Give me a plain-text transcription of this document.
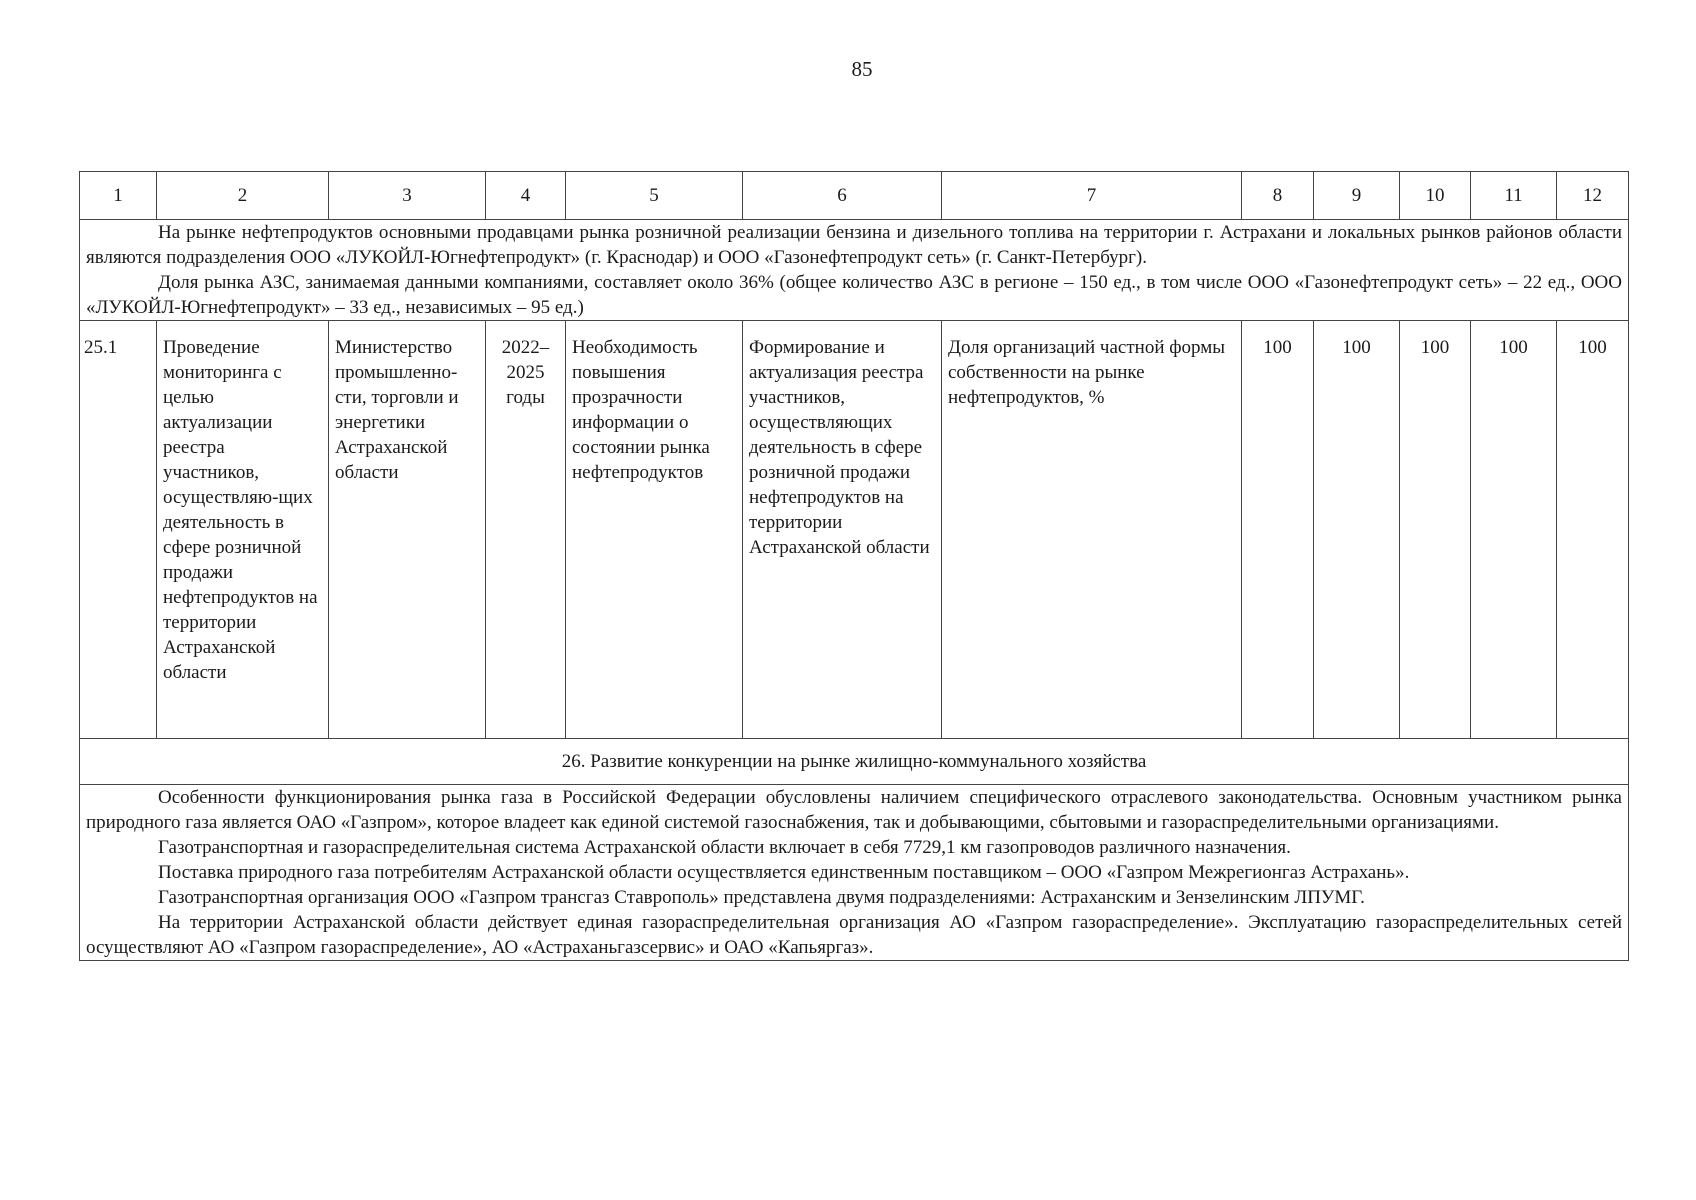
85
1	2	3	4	5	6	7	8	9	10	11	12

На рынке нефтепродуктов основными продавцами рынка розничной реализации бензина и дизельного топлива на территории г. Астрахани и локальных рынков районов области являются подразделения ООО «ЛУКОЙЛ-Югнефтепродукт» (г. Краснодар) и ООО «Газонефтепродукт сеть» (г. Санкт-Петербург).

Доля рынка АЗС, занимаемая данными компаниями, составляет около 36% (общее количество АЗС в регионе – 150 ед., в том числе ООО «Газонефтепродукт сеть» – 22 ед., ООО «ЛУКОЙЛ-Югнефтепродукт» – 33 ед., независимых – 95 ед.)											

25.1	Проведение мониторинга с целью актуализации реестра участников, осуществляю-щих деятельность в сфере розничной продажи нефтепродуктов на территории Астраханской области	Министерство промышленно-сти, торговли и энергетики Астраханской области	2022–2025 годы	Необходимость повышения прозрачности информации о состоянии рынка нефтепродуктов	Формирование и актуализация реестра участников, осуществляющих деятельность в сфере розничной продажи нефтепродуктов на территории Астраханской области	Доля организаций частной формы собственности на рынке нефтепродуктов, %	100	100	100	100	100
26. Развитие конкуренции на рынке жилищно-коммунального хозяйства											

Особенности функционирования рынка газа в Российской Федерации обусловлены наличием специфического отраслевого законодательства. Основным участником рынка природного газа является ОАО «Газпром», которое владеет как единой системой газоснабжения, так и добывающими, сбытовыми и газораспределительными организациями.

Газотранспортная и газораспределительная система Астраханской области включает в себя 7729,1 км газопроводов различного назначения.

Поставка природного газа потребителям Астраханской области осуществляется единственным поставщиком – ООО «Газпром Межрегионгаз Астрахань».

Газотранспортная организация ООО «Газпром трансгаз Ставрополь» представлена двумя подразделениями: Астраханским и Зензелинским ЛПУМГ.

На территории Астраханской области действует единая газораспределительная организация АО «Газпром газораспределение». Эксплуатацию газораспределительных сетей осуществляют АО «Газпром газораспределение», АО «Астраханьгазсервис» и ОАО «Капьяргаз».											
